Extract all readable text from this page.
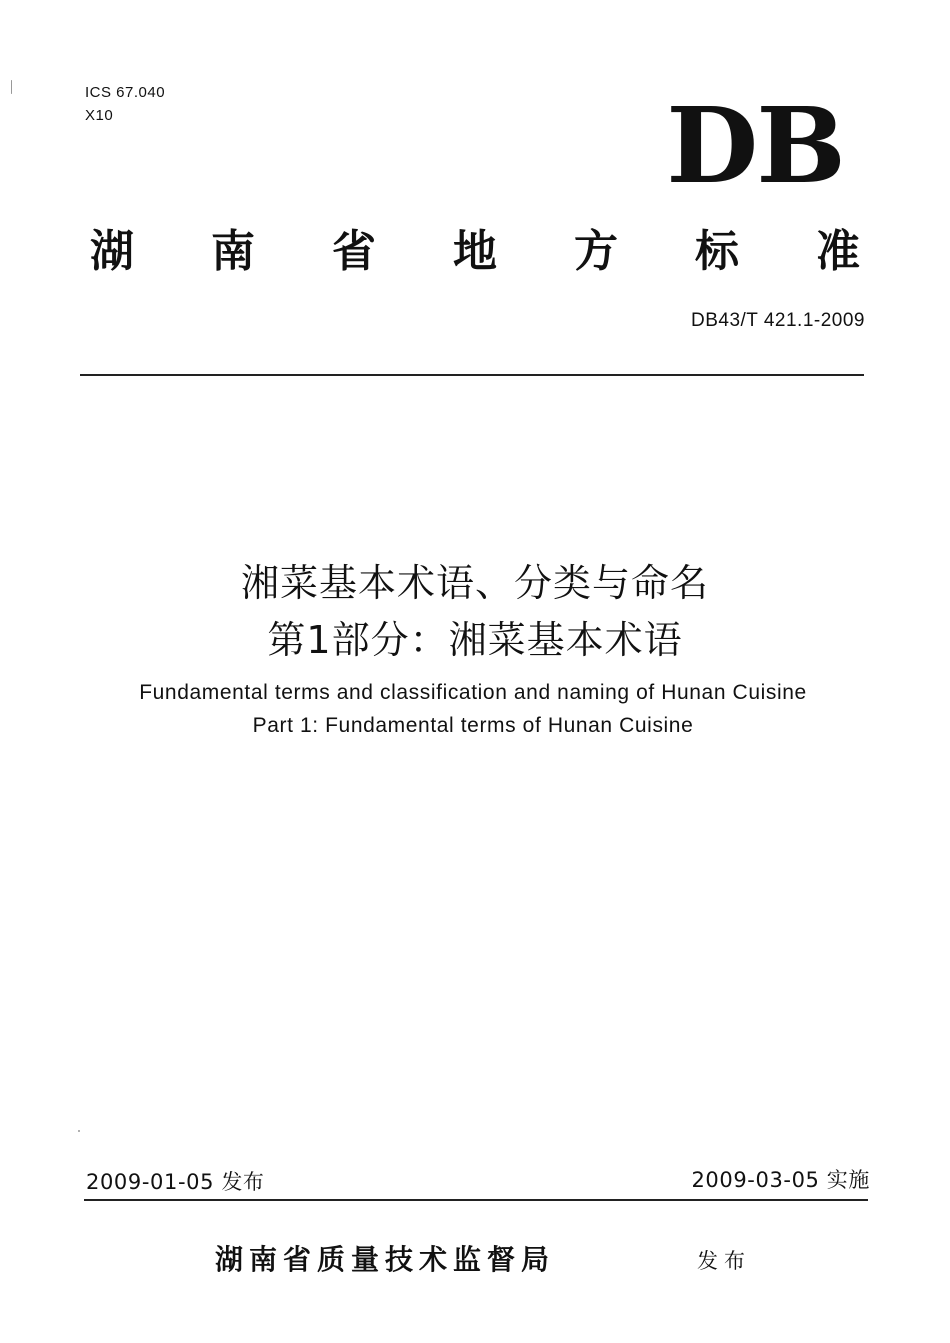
ICS 67.040
X10	DB
湖 南 省 地 方 标 准
DB43/T 421.1-2009
湘菜基本术语、分类与命名
第1部分：湘菜基本术语
Fundamental terms and classification and naming of Hunan Cuisine
Part 1: Fundamental terms of Hunan Cuisine
2009-01-05 发布	2009-03-05 实施
湖南省质量技术监督局	发布
